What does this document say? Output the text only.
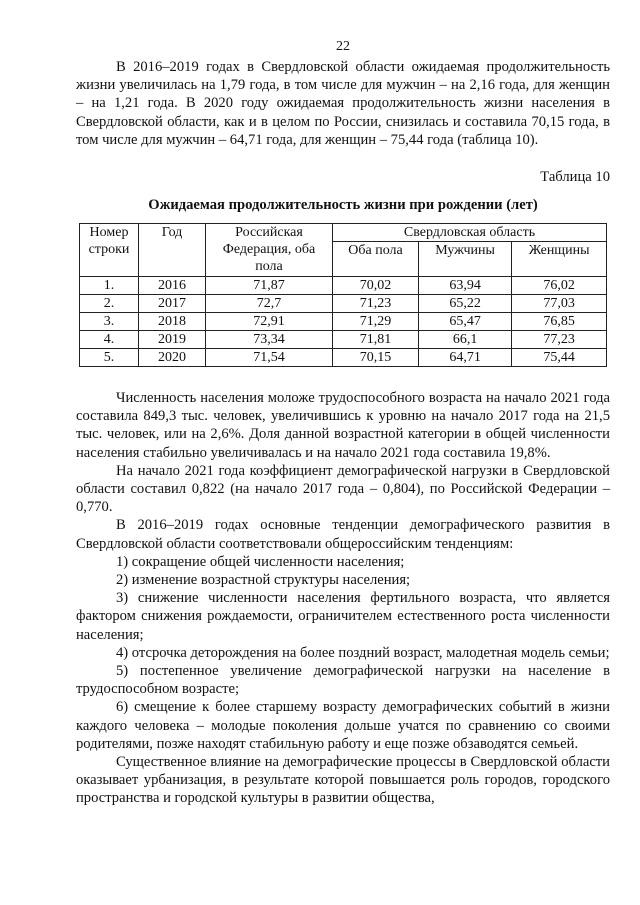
22

В 2016–2019 годах в Свердловской области ожидаемая продолжительность жизни увеличилась на 1,79 года, в том числе для мужчин – на 2,16 года, для женщин – на 1,21 года. В 2020 году ожидаемая продолжительность жизни населения в Свердловской области, как и в целом по России, снизилась и составила 70,15 года, в том числе для мужчин – 64,71 года, для женщин – 75,44 года (таблица 10).

Таблица 10
Ожидаемая продолжительность жизни при рождении (лет)
Номер строки	Год	Российская Федерация, оба пола	Свердловская область		
			Оба пола	Мужчины	Женщины
1.	2016	71,87	70,02	63,94	76,02
2.	2017	72,7	71,23	65,22	77,03
3.	2018	72,91	71,29	65,47	76,85
4.	2019	73,34	71,81	66,1	77,23
5.	2020	71,54	70,15	64,71	75,44

Численность населения моложе трудоспособного возраста на начало 2021 года составила 849,3 тыс. человек, увеличившись к уровню на начало 2017 года на 21,5 тыс. человек, или на 2,6%. Доля данной возрастной категории в общей численности населения стабильно увеличивалась и на начало 2021 года составила 19,8%.

На начало 2021 года коэффициент демографической нагрузки в Свердловской области составил 0,822 (на начало 2017 года – 0,804), по Российской Федерации – 0,770.

В 2016–2019 годах основные тенденции демографического развития в Свердловской области соответствовали общероссийским тенденциям:

1) сокращение общей численности населения;
2) изменение возрастной структуры населения;
3) снижение численности населения фертильного возраста, что является фактором снижения рождаемости, ограничителем естественного роста численности населения;
4) отсрочка деторождения на более поздний возраст, малодетная модель семьи;
5) постепенное увеличение демографической нагрузки на население в трудоспособном возрасте;
6) смещение к более старшему возрасту демографических событий в жизни каждого человека – молодые поколения дольше учатся по сравнению со своими родителями, позже находят стабильную работу и еще позже обзаводятся семьей.

Существенное влияние на демографические процессы в Свердловской области оказывает урбанизация, в результате которой повышается роль городов, городского пространства и городской культуры в развитии общества,
